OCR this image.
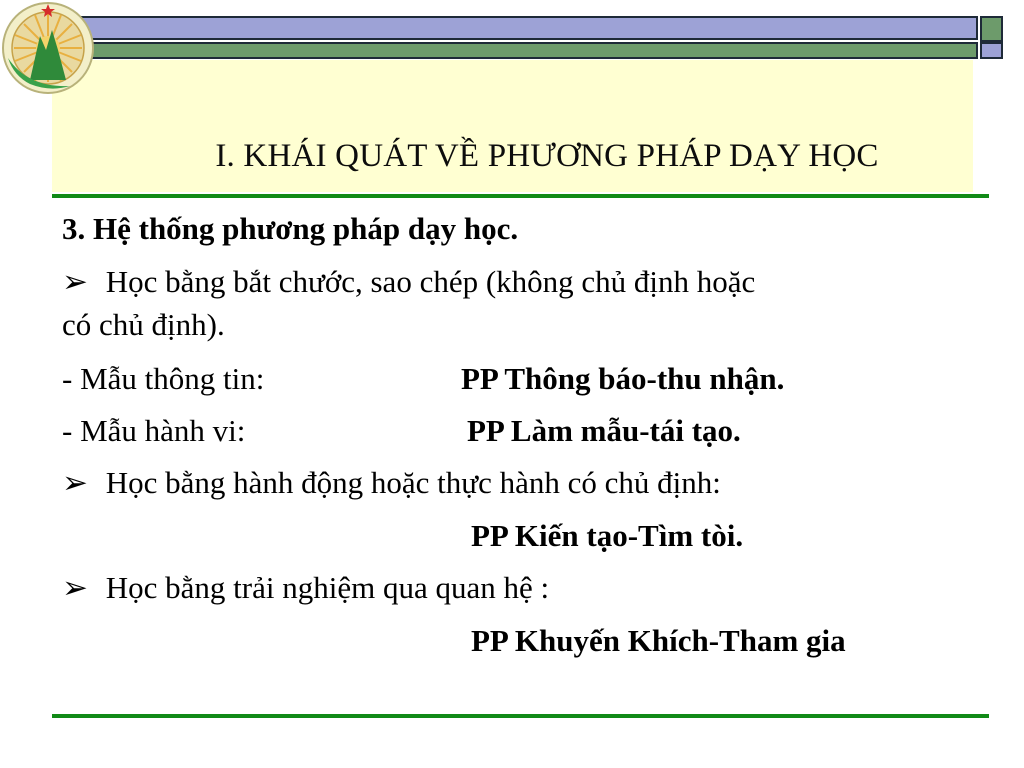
I. KHÁI QUÁT VỀ PHƯƠNG PHÁP DẠY HỌC
3. Hệ thống phương pháp dạy học.
➢ Học bằng bắt chước, sao chép (không chủ định hoặc
có chủ định).
- Mẫu thông tin:	PP Thông báo-thu nhận.
- Mẫu hành vi:	PP Làm mẫu-tái tạo.
➢ Học bằng hành động hoặc thực hành có chủ định:
PP Kiến tạo-Tìm tòi.
➢ Học bằng trải nghiệm qua quan hệ :
PP Khuyến Khích-Tham gia
